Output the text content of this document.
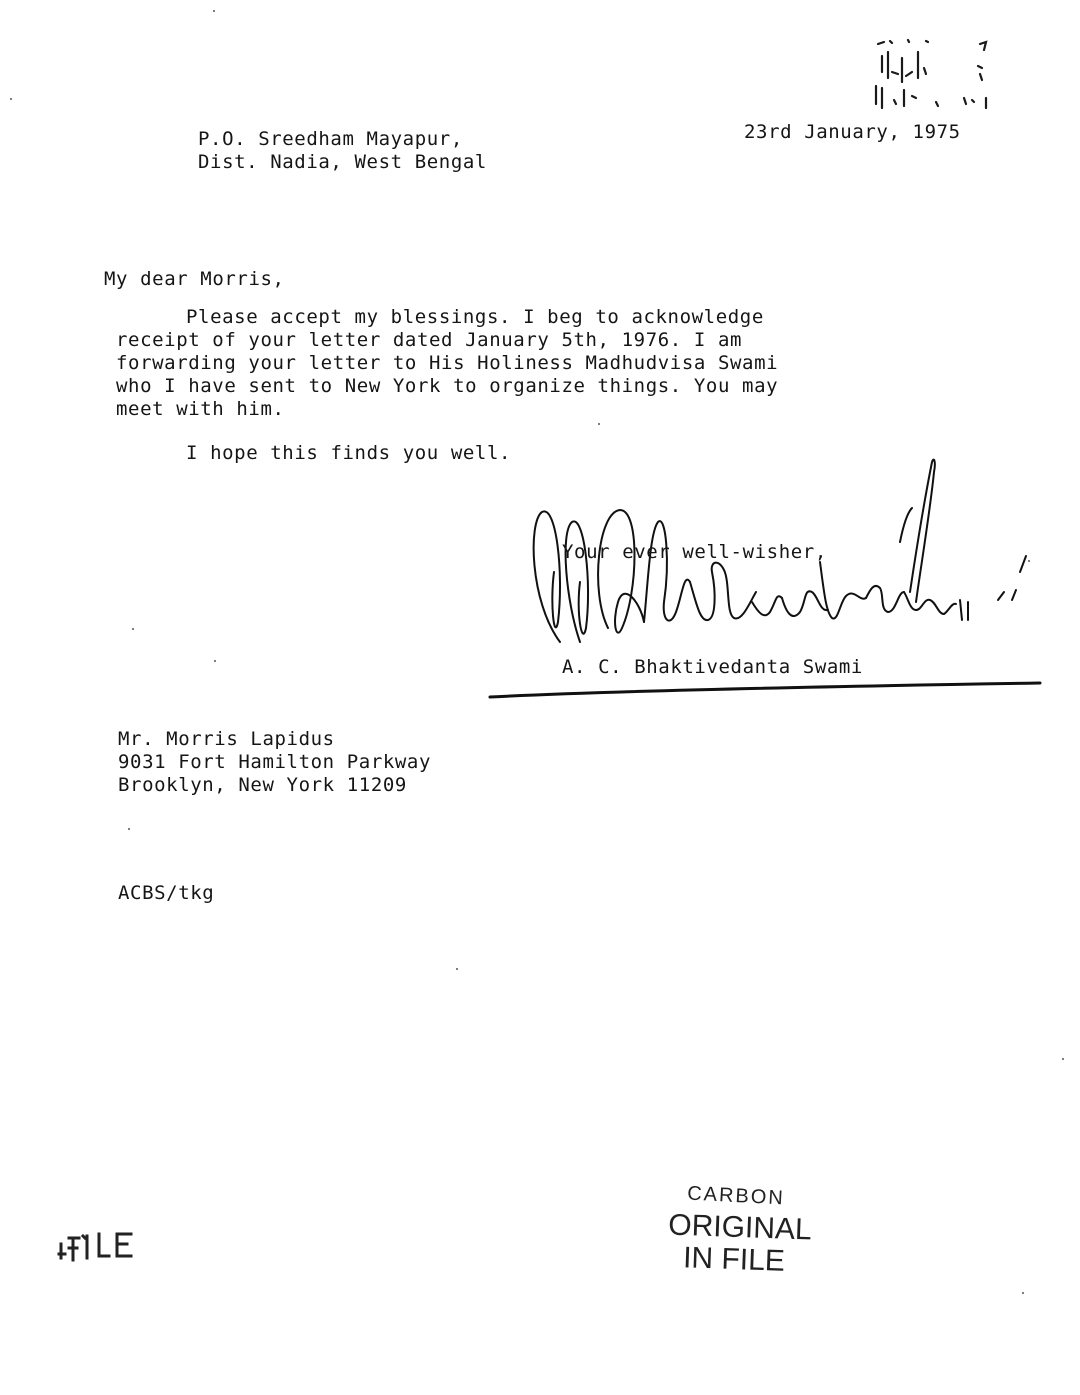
P.O. Sreedham Mayapur,
Dist. Nadia, West Bengal
23rd January, 1975
My dear Morris,
Please accept my blessings. I beg to acknowledge
receipt of your letter dated January 5th, 1976. I am
forwarding your letter to His Holiness Madhudvisa Swami
who I have sent to New York to organize things. You may
meet with him.
I hope this finds you well.
Your ever well-wisher,
A. C. Bhaktivedanta Swami
Mr. Morris Lapidus
9031 Fort Hamilton Parkway
Brooklyn, New York 11209
ACBS/tkg
CARBON
ORIGINAL
IN FILE
